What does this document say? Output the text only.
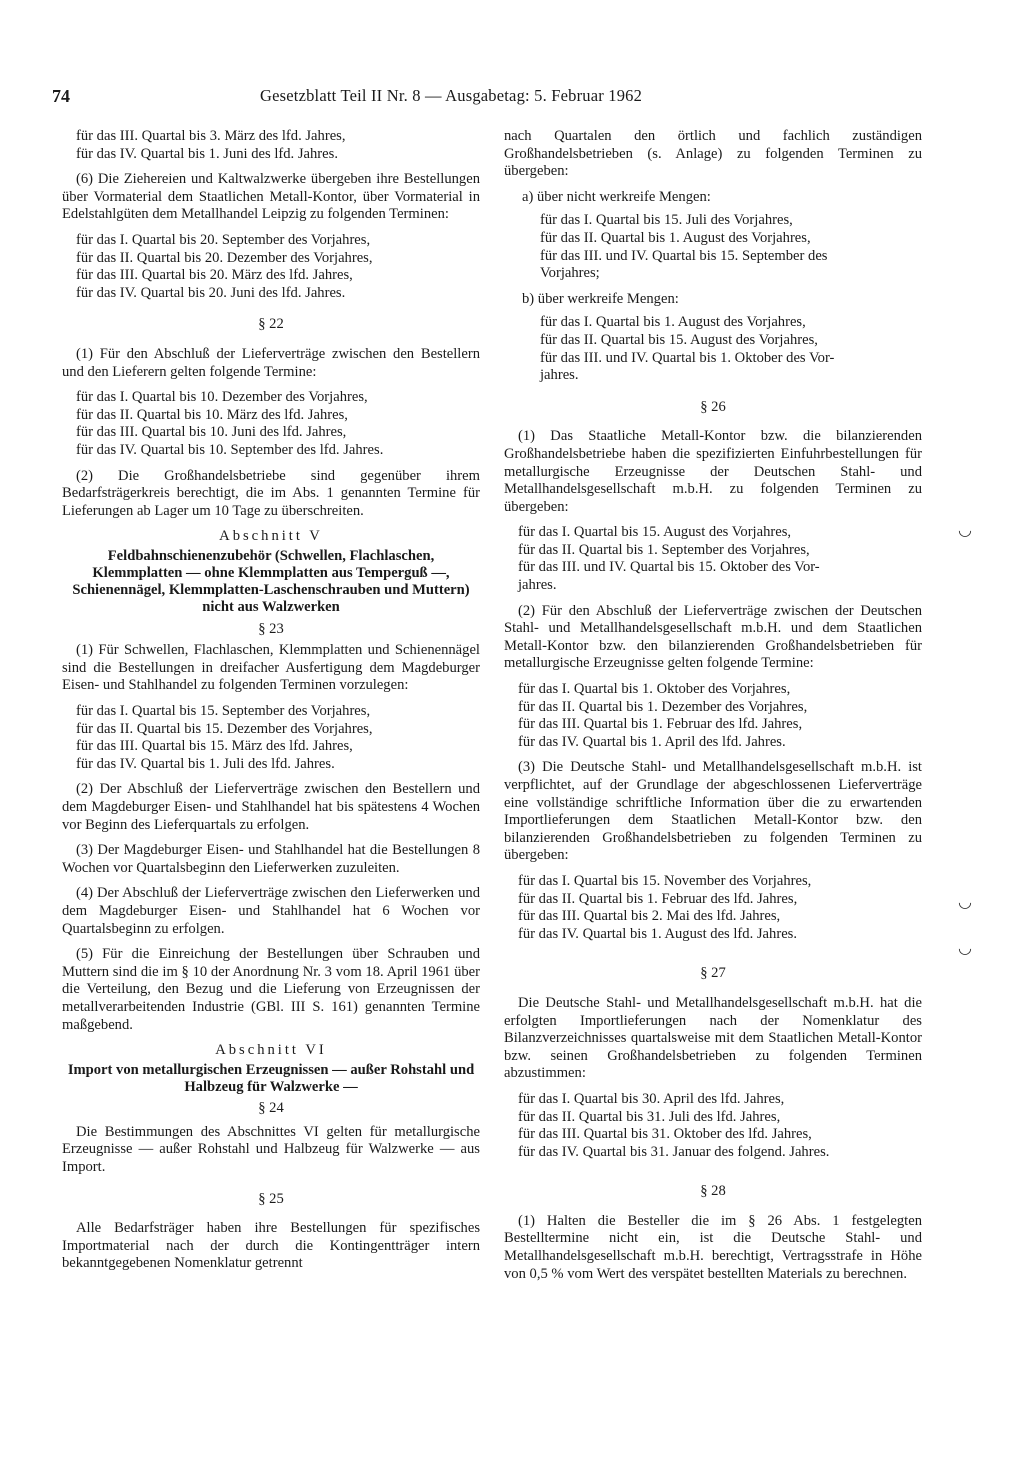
74	Gesetzblatt Teil II Nr. 8 — Ausgabetag: 5. Februar 1962
für das III. Quartal bis 3. März des lfd. Jahres,
für das IV. Quartal bis 1. Juni des lfd. Jahres.

(6) Die Ziehereien und Kaltwalzwerke übergeben ihre Bestellungen über Vormaterial dem Staatlichen Metall-Kontor, über Vormaterial in Edelstahlgüten dem Metallhandel Leipzig zu folgenden Terminen:

für das I. Quartal bis 20. September des Vorjahres,
für das II. Quartal bis 20. Dezember des Vorjahres,
für das III. Quartal bis 20. März des lfd. Jahres,
für das IV. Quartal bis 20. Juni des lfd. Jahres.
§ 22

(1) Für den Abschluß der Lieferverträge zwischen den Bestellern und den Lieferern gelten folgende Termine:

für das I. Quartal bis 10. Dezember des Vorjahres,
für das II. Quartal bis 10. März des lfd. Jahres,
für das III. Quartal bis 10. Juni des lfd. Jahres,
für das IV. Quartal bis 10. September des lfd. Jahres.

(2) Die Großhandelsbetriebe sind gegenüber ihrem Bedarfsträgerkreis berechtigt, die im Abs. 1 genannten Termine für Lieferungen ab Lager um 10 Tage zu überschreiten.

Abschnitt V
Feldbahnschienenzubehör (Schwellen, Flachlaschen, Klemmplatten — ohne Klemmplatten aus Temperguß —, Schienennägel, Klemmplatten-Laschenschrauben und Muttern) nicht aus Walzwerken
§ 23

(1) Für Schwellen, Flachlaschen, Klemmplatten und Schienennägel sind die Bestellungen in dreifacher Ausfertigung dem Magdeburger Eisen- und Stahlhandel zu folgenden Terminen vorzulegen:

für das I. Quartal bis 15. September des Vorjahres,
für das II. Quartal bis 15. Dezember des Vorjahres,
für das III. Quartal bis 15. März des lfd. Jahres,
für das IV. Quartal bis 1. Juli des lfd. Jahres.

(2) Der Abschluß der Lieferverträge zwischen den Bestellern und dem Magdeburger Eisen- und Stahlhandel hat bis spätestens 4 Wochen vor Beginn des Lieferquartals zu erfolgen.

(3) Der Magdeburger Eisen- und Stahlhandel hat die Bestellungen 8 Wochen vor Quartalsbeginn den Lieferwerken zuzuleiten.

(4) Der Abschluß der Lieferverträge zwischen den Lieferwerken und dem Magdeburger Eisen- und Stahlhandel hat 6 Wochen vor Quartalsbeginn zu erfolgen.

(5) Für die Einreichung der Bestellungen über Schrauben und Muttern sind die im § 10 der Anordnung Nr. 3 vom 18. April 1961 über die Verteilung, den Bezug und die Lieferung von Erzeugnissen der metallverarbeitenden Industrie (GBl. III S. 161) genannten Termine maßgebend.

Abschnitt VI
Import von metallurgischen Erzeugnissen — außer Rohstahl und Halbzeug für Walzwerke —
§ 24

Die Bestimmungen des Abschnittes VI gelten für metallurgische Erzeugnisse — außer Rohstahl und Halbzeug für Walzwerke — aus Import.

§ 25

Alle Bedarfsträger haben ihre Bestellungen für spezifisches Importmaterial nach der durch die Kontingentträger intern bekanntgegebenen Nomenklatur getrennt

nach Quartalen den örtlich und fachlich zuständigen Großhandelsbetrieben (s. Anlage) zu folgenden Terminen zu übergeben:

a) über nicht werkreife Mengen:
für das I. Quartal bis 15. Juli des Vorjahres,
für das II. Quartal bis 1. August des Vorjahres,
für das III. und IV. Quartal bis 15. September des
Vorjahres;
b) über werkreife Mengen:
für das I. Quartal bis 1. August des Vorjahres,
für das II. Quartal bis 15. August des Vorjahres,
für das III. und IV. Quartal bis 1. Oktober des Vor-
jahres.
§ 26

(1) Das Staatliche Metall-Kontor bzw. die bilanzierenden Großhandelsbetriebe haben die spezifizierten Einfuhrbestellungen für metallurgische Erzeugnisse der Deutschen Stahl- und Metallhandelsgesellschaft m.b.H. zu folgenden Terminen zu übergeben:

für das I. Quartal bis 15. August des Vorjahres,
für das II. Quartal bis 1. September des Vorjahres,
für das III. und IV. Quartal bis 15. Oktober des Vor-
jahres.

(2) Für den Abschluß der Lieferverträge zwischen der Deutschen Stahl- und Metallhandelsgesellschaft m.b.H. und dem Staatlichen Metall-Kontor bzw. den bilanzierenden Großhandelsbetrieben für metallurgische Erzeugnisse gelten folgende Termine:

für das I. Quartal bis 1. Oktober des Vorjahres,
für das II. Quartal bis 1. Dezember des Vorjahres,
für das III. Quartal bis 1. Februar des lfd. Jahres,
für das IV. Quartal bis 1. April des lfd. Jahres.

(3) Die Deutsche Stahl- und Metallhandelsgesellschaft m.b.H. ist verpflichtet, auf der Grundlage der abgeschlossenen Lieferverträge eine vollständige schriftliche Information über die zu erwartenden Importlieferungen dem Staatlichen Metall-Kontor bzw. den bilanzierenden Großhandelsbetrieben zu folgenden Terminen zu übergeben:

für das I. Quartal bis 15. November des Vorjahres,
für das II. Quartal bis 1. Februar des lfd. Jahres,
für das III. Quartal bis 2. Mai des lfd. Jahres,
für das IV. Quartal bis 1. August des lfd. Jahres.
§ 27

Die Deutsche Stahl- und Metallhandelsgesellschaft m.b.H. hat die erfolgten Importlieferungen nach der Nomenklatur des Bilanzverzeichnisses quartalsweise mit dem Staatlichen Metall-Kontor bzw. seinen Großhandelsbetrieben zu folgenden Terminen abzustimmen:

für das I. Quartal bis 30. April des lfd. Jahres,
für das II. Quartal bis 31. Juli des lfd. Jahres,
für das III. Quartal bis 31. Oktober des lfd. Jahres,
für das IV. Quartal bis 31. Januar des folgend. Jahres.
§ 28

(1) Halten die Besteller die im § 26 Abs. 1 festgelegten Bestelltermine nicht ein, ist die Deutsche Stahl- und Metallhandelsgesellschaft m.b.H. berechtigt, Vertragsstrafe in Höhe von 0,5 % vom Wert des verspätet bestellten Materials zu berechnen.

◡
◡
◡
